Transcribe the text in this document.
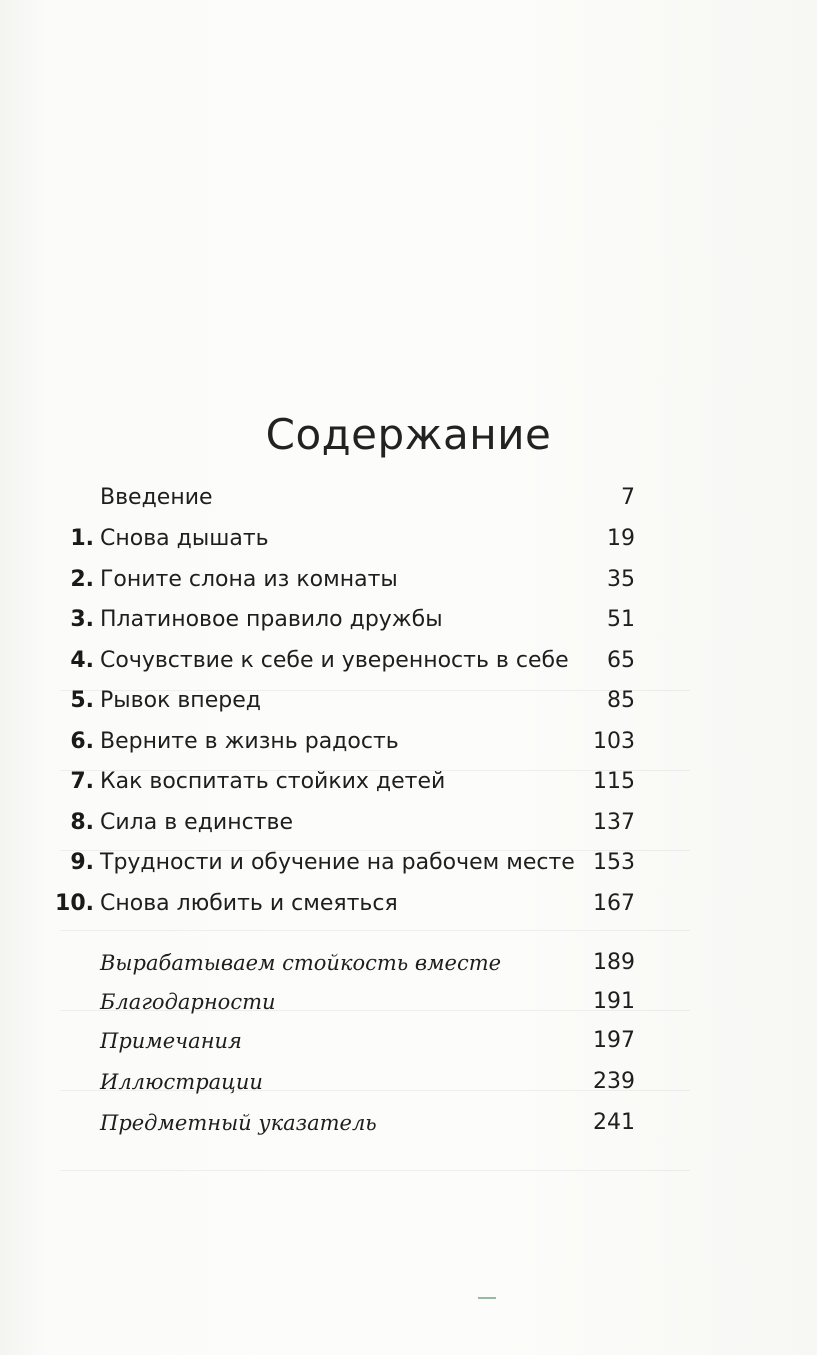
Содержание
Введение	7
1. Снова дышать	19
2. Гоните слона из комнаты	35
3. Платиновое правило дружбы	51
4. Сочувствие к себе и уверенность в себе 65
5. Рывок вперед	85
6. Верните в жизнь радость	103
7. Как воспитать стойких детей	115
8. Сила в единстве	137
9. Трудности и обучение на рабочем месте 153
10. Снова любить и смеяться	167
Вырабатываем стойкость вместе	189
Благодарности	191
Примечания	197
Иллюстрации	239
Предметный указатель	241
